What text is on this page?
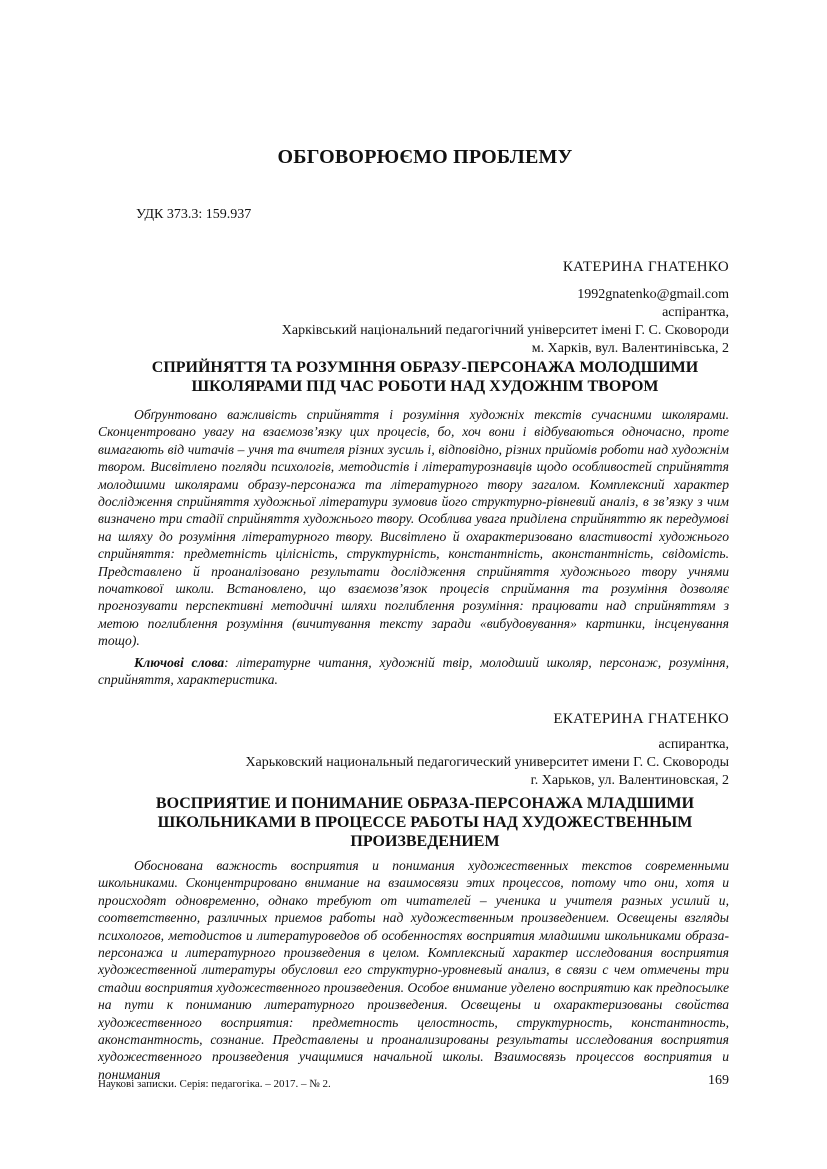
ОБГОВОРЮЄМО ПРОБЛЕМУ
УДК 373.3: 159.937
КАТЕРИНА ГНАТЕНКО
1992gnatenko@gmail.com
аспірантка,
Харківський національний педагогічний університет імені Г. С. Сковороди
м. Харків, вул. Валентинівська, 2
СПРИЙНЯТТЯ ТА РОЗУМІННЯ ОБРАЗУ-ПЕРСОНАЖА МОЛОДШИМИ
ШКОЛЯРАМИ ПІД ЧАС РОБОТИ НАД ХУДОЖНІМ ТВОРОМ

Обґрунтовано важливість сприйняття і розуміння художніх текстів сучасними школярами. Сконцентровано увагу на взаємозв’язку цих процесів, бо, хоч вони і відбуваються одночасно, проте вимагають від читачів – учня та вчителя різних зусиль і, відповідно, різних прийомів роботи над художнім твором. Висвітлено погляди психологів, методистів і літературознавців щодо особливостей сприйняття молодшими школярами образу-персонажа та літературного твору загалом. Комплексний характер дослідження сприйняття художньої літератури зумовив його структурно-рівневий аналіз, в зв’язку з чим визначено три стадії сприйняття художнього твору. Особлива увага приділена сприйняттю як передумові на шляху до розуміння літературного твору. Висвітлено й охарактеризовано властивості художнього сприйняття: предметність цілісність, структурність, константність, аконстантність, свідомість. Представлено й проаналізовано результати дослідження сприйняття художнього твору учнями початкової школи. Встановлено, що взаємозв’язок процесів сприймання та розуміння дозволяє прогнозувати перспективні методичні шляхи поглиблення розуміння: працювати над сприйняттям з метою поглиблення розуміння (вичитування тексту заради «вибудовування» картинки, інсценування тощо).

Ключові слова: літературне читання, художній твір, молодший школяр, персонаж, розуміння, сприйняття, характеристика.
ЕКАТЕРИНА ГНАТЕНКО
аспирантка,
Харьковский национальный педагогический университет имени Г. С. Сковороды
г. Харьков, ул. Валентиновская, 2
ВОСПРИЯТИЕ И ПОНИМАНИЕ ОБРАЗА-ПЕРСОНАЖА МЛАДШИМИ
ШКОЛЬНИКАМИ В ПРОЦЕССЕ РАБОТЫ НАД ХУДОЖЕСТВЕННЫМ
ПРОИЗВЕДЕНИЕМ

Обоснована важность восприятия и понимания художественных текстов современными школьниками. Сконцентрировано внимание на взаимосвязи этих процессов, потому что они, хотя и происходят одновременно, однако требуют от читателей – ученика и учителя разных усилий и, соответственно, различных приемов работы над художественным произведением. Освещены взгляды психологов, методистов и литературоведов об особенностях восприятия младшими школьниками образа-персонажа и литературного произведения в целом. Комплексный характер исследования восприятия художественной литературы обусловил его структурно-уровневый анализ, в связи с чем отмечены три стадии восприятия художественного произведения. Особое внимание уделено восприятию как предпосылке на пути к пониманию литературного произведения. Освещены и охарактеризованы свойства художественного восприятия: предметность целостность, структурность, константность, аконстантность, сознание. Представлены и проанализированы результаты исследования восприятия художественного произведения учащимися начальной школы. Взаимосвязь процессов восприятия и понимания

Наукові записки. Серія: педагогіка. – 2017. – № 2.	169
